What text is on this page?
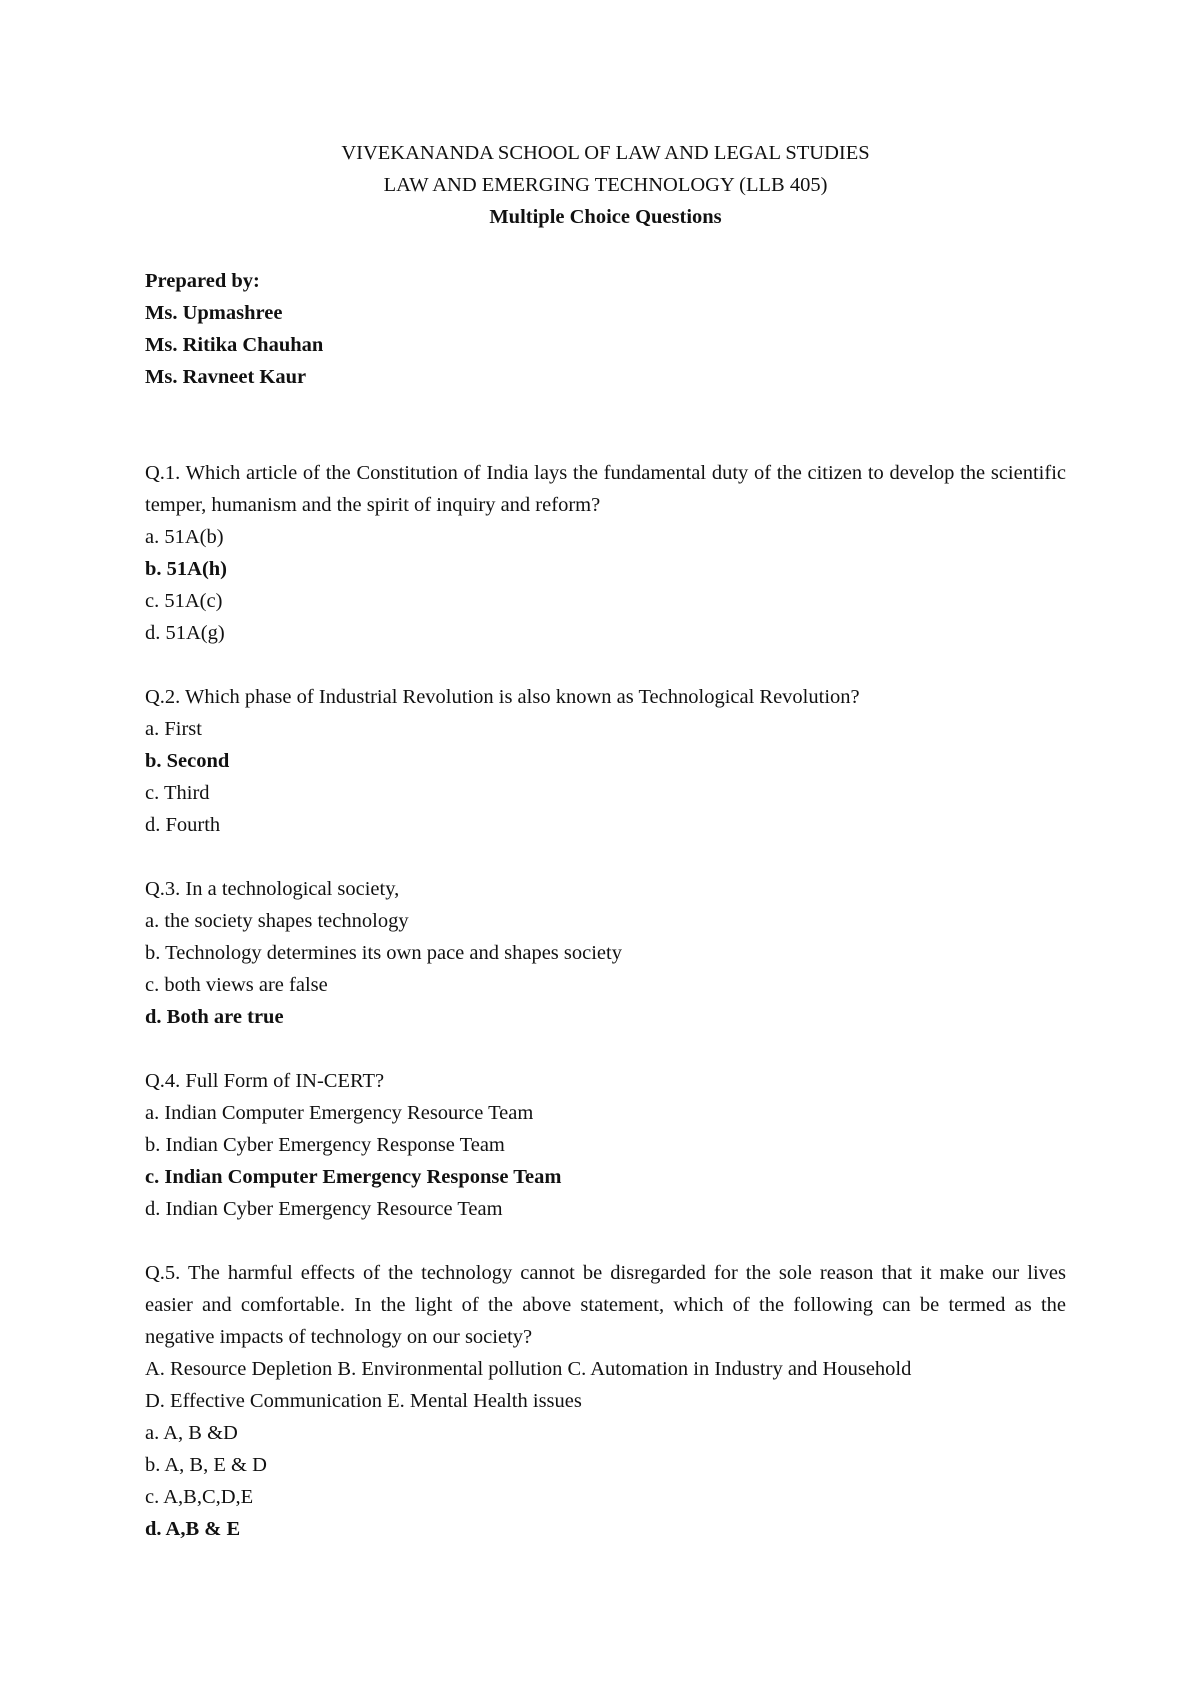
VIVEKANANDA SCHOOL OF LAW AND LEGAL STUDIES
LAW AND EMERGING TECHNOLOGY (LLB 405)
Multiple Choice Questions
Prepared by:
Ms. Upmashree
Ms. Ritika Chauhan
Ms. Ravneet Kaur
Q.1. Which article of the Constitution of India lays the fundamental duty of the citizen to develop the scientific temper, humanism and the spirit of inquiry and reform?
a. 51A(b)
b. 51A(h)
c. 51A(c)
d. 51A(g)
Q.2. Which phase of Industrial Revolution is also known as Technological Revolution?
a. First
b. Second
c. Third
d. Fourth
Q.3. In a technological society,
a. the society shapes technology
b. Technology determines its own pace and shapes society
c. both views are false
d. Both are true
Q.4. Full Form of IN-CERT?
a. Indian Computer Emergency Resource Team
b. Indian Cyber Emergency Response Team
c. Indian Computer Emergency Response Team
d. Indian Cyber Emergency Resource Team
Q.5. The harmful effects of the technology cannot be disregarded for the sole reason that it make our lives easier and comfortable. In the light of the above statement, which of the following can be termed as the negative impacts of technology on our society?
A. Resource Depletion B. Environmental pollution C. Automation in Industry and Household
D. Effective Communication E. Mental Health issues
a. A, B &D
b. A, B, E & D
c. A,B,C,D,E
d. A,B & E
